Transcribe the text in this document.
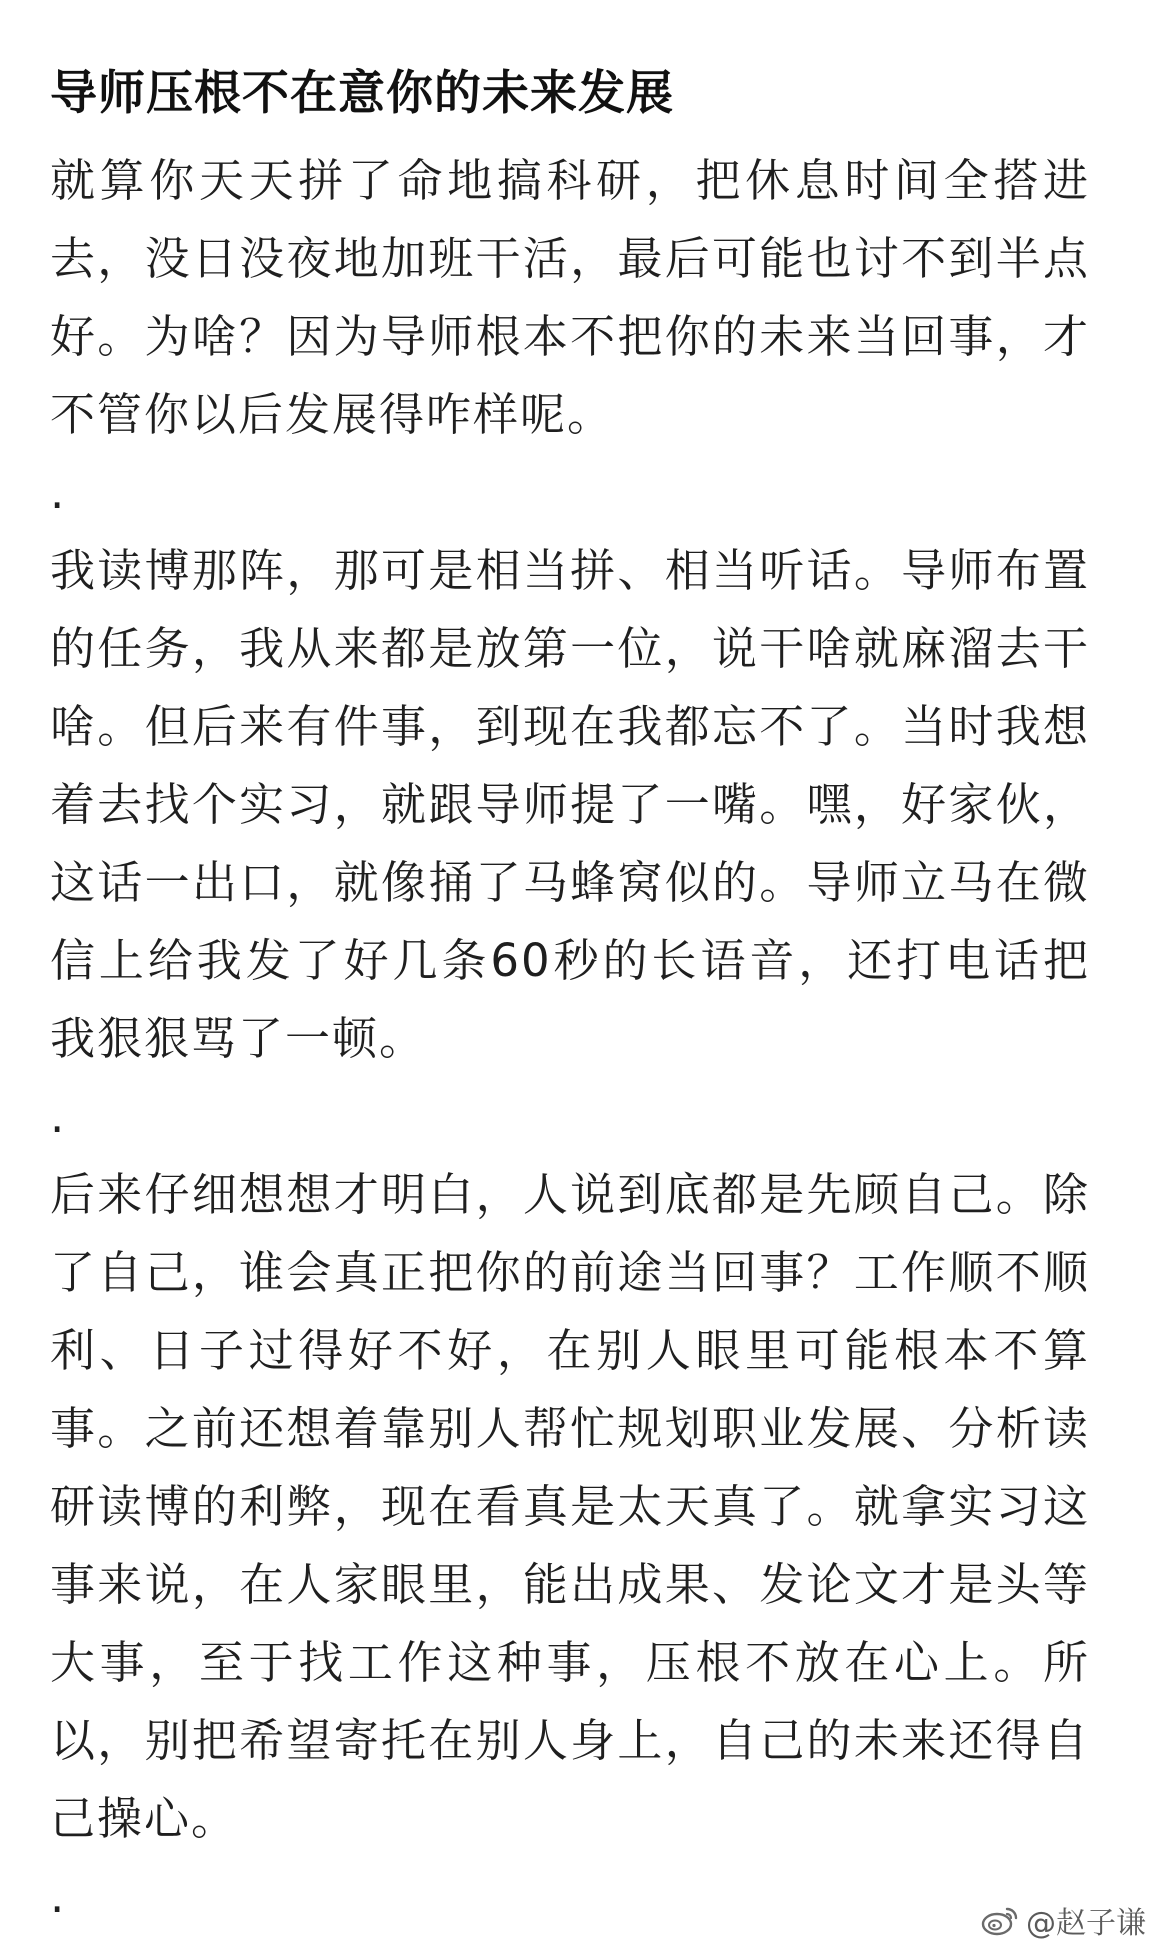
导师压根不在意你的未来发展

就算你天天拼了命地搞科研，把休息时间全搭进去，没日没夜地加班干活，最后可能也讨不到半点好。为啥？因为导师根本不把你的未来当回事，才不管你以后发展得咋样呢。

.

我读博那阵，那可是相当拼、相当听话。导师布置的任务，我从来都是放第一位，说干啥就麻溜去干啥。但后来有件事，到现在我都忘不了。当时我想着去找个实习，就跟导师提了一嘴。嘿，好家伙，这话一出口，就像捅了马蜂窝似的。导师立马在微信上给我发了好几条60秒的长语音，还打电话把我狠狠骂了一顿。

.

后来仔细想想才明白，人说到底都是先顾自己。除了自己，谁会真正把你的前途当回事？工作顺不顺利、日子过得好不好，在别人眼里可能根本不算事。之前还想着靠别人帮忙规划职业发展、分析读研读博的利弊，现在看真是太天真了。就拿实习这事来说，在人家眼里，能出成果、发论文才是头等大事，至于找工作这种事，压根不放在心上。所以，别把希望寄托在别人身上，自己的未来还得自己操心。

.

@赵子谦
